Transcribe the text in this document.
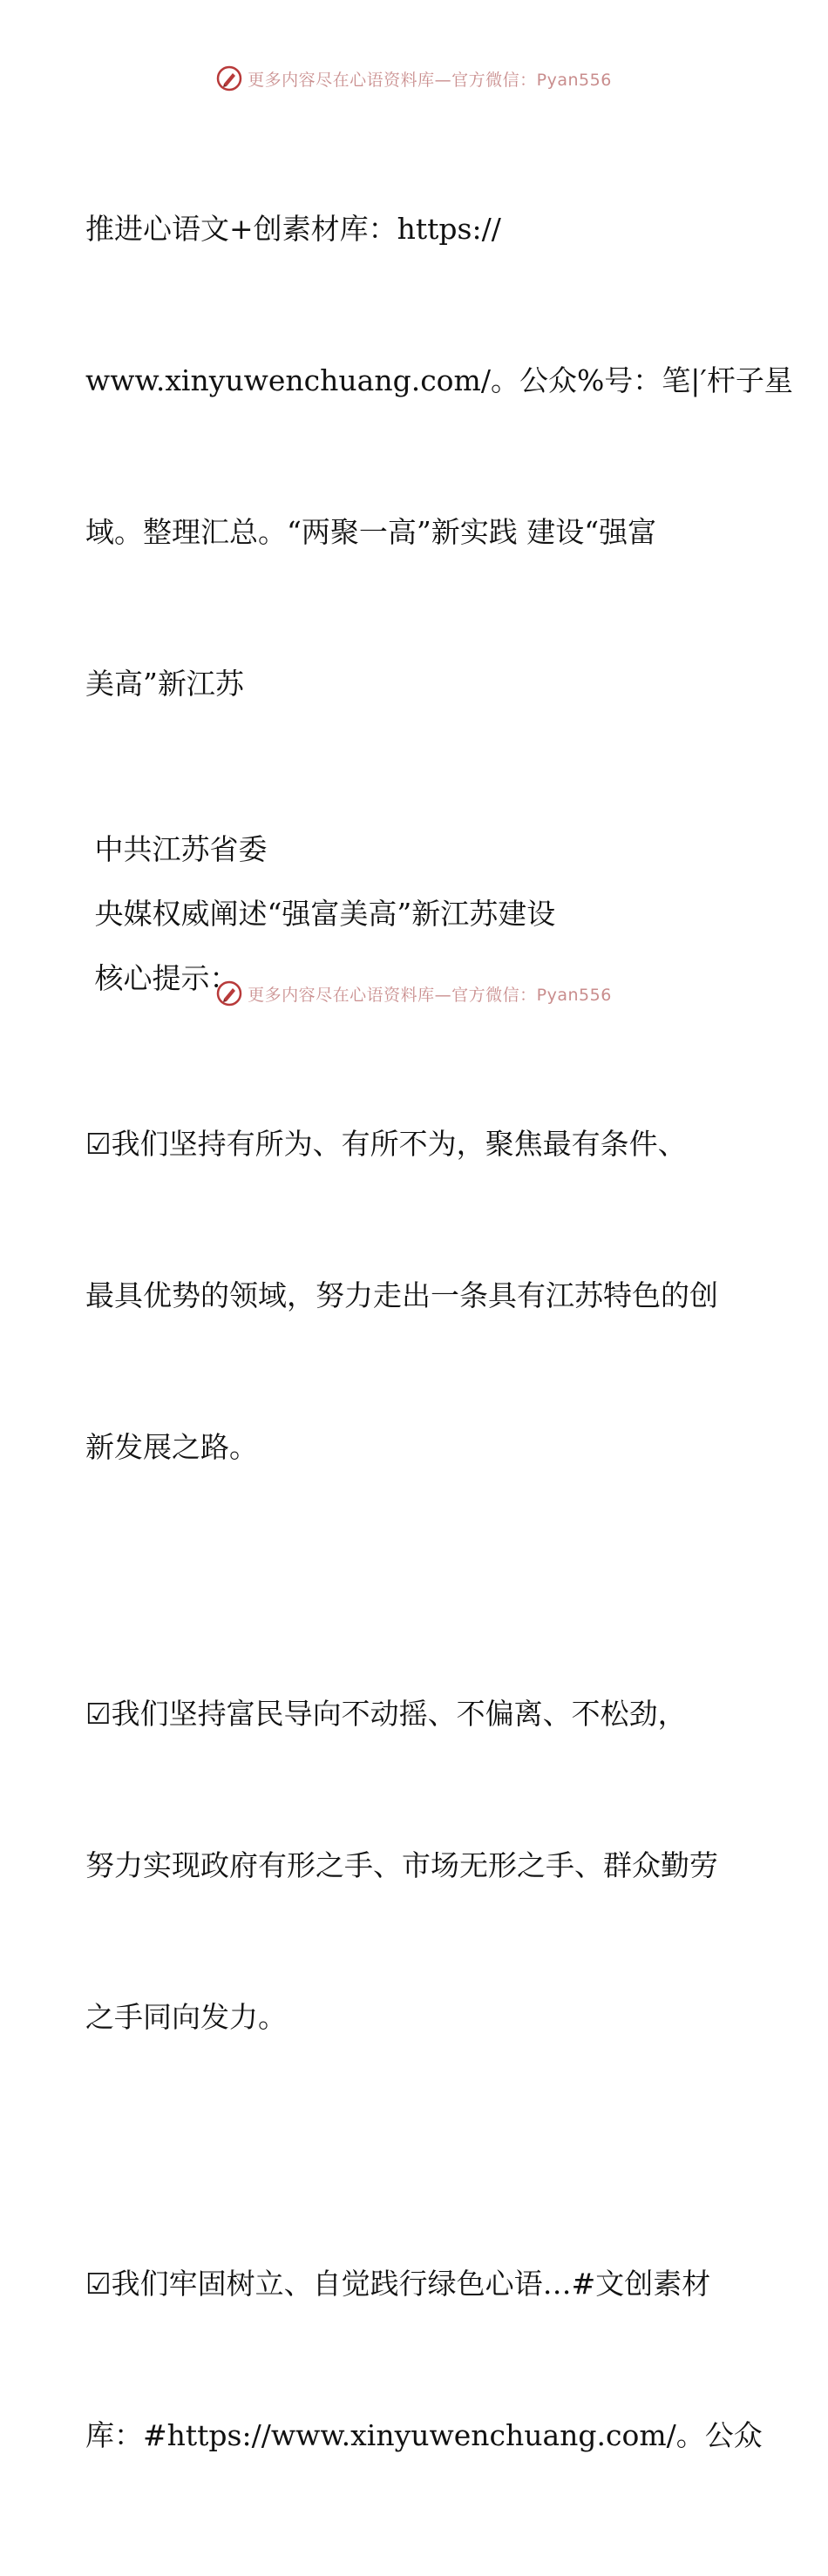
更多内容尽在心语资料库—官方微信：Pyan556

推进心语文+创素材库：https://

www.xinyuwenchuang.com/。公众%号：笔|′杆子星

域。整理汇总。“两聚一高”新实践 建设“强富

美高”新江苏

中共江苏省委
央媒权威阐述“强富美高”新江苏建设
核心提示：

☑我们坚持有所为、有所不为，聚焦最有条件、

最具优势的领域，努力走出一条具有江苏特色的创

新发展之路。

☑我们坚持富民导向不动摇、不偏离、不松劲，

努力实现政府有形之手、市场无形之手、群众勤劳

之手同向发力。

☑我们牢固树立、自觉践行绿色心语…#文创素材

库：#https://www.xinyuwenchuang.com/。公众

更多内容尽在心语资料库—官方微信：Pyan556
